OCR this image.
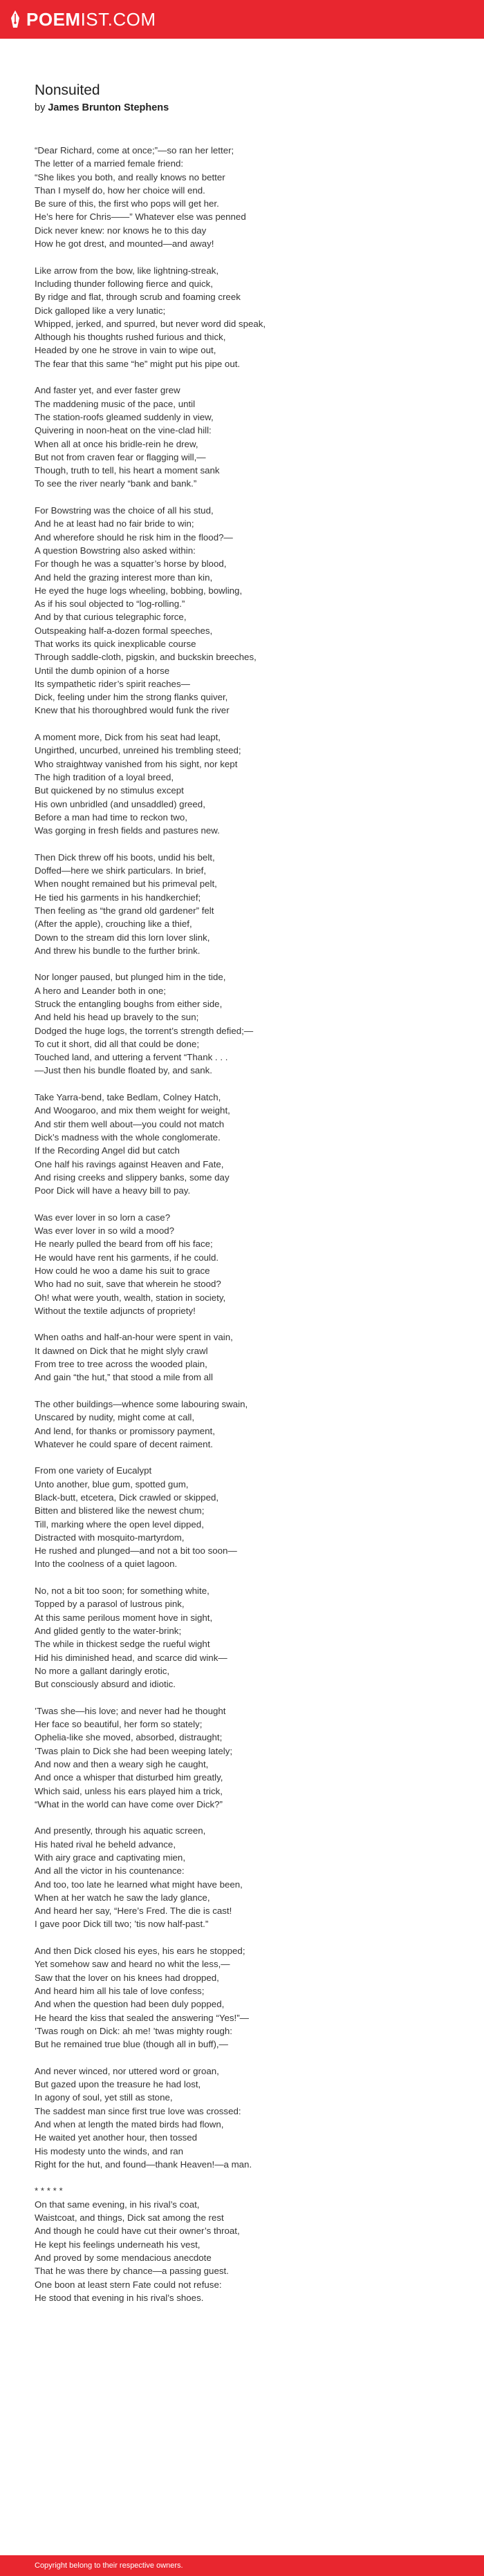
POEMIST.COM
Nonsuited
by James Brunton Stephens
“Dear Richard, come at once;”—so ran her letter;
The letter of a married female friend:
“She likes you both, and really knows no better
Than I myself do, how her choice will end.
Be sure of this, the first who pops will get her.
He’s here for Chris——” Whatever else was penned
Dick never knew: nor knows he to this day
How he got drest, and mounted—and away!
Like arrow from the bow, like lightning-streak,
Including thunder following fierce and quick,
By ridge and flat, through scrub and foaming creek
Dick galloped like a very lunatic;
Whipped, jerked, and spurred, but never word did speak,
Although his thoughts rushed furious and thick,
Headed by one he strove in vain to wipe out,
The fear that this same “he” might put his pipe out.
And faster yet, and ever faster grew
The maddening music of the pace, until
The station-roofs gleamed suddenly in view,
Quivering in noon-heat on the vine-clad hill:
When all at once his bridle-rein he drew,
But not from craven fear or flagging will,—
Though, truth to tell, his heart a moment sank
To see the river nearly “bank and bank.”
For Bowstring was the choice of all his stud,
And he at least had no fair bride to win;
And wherefore should he risk him in the flood?—
A question Bowstring also asked within:
For though he was a squatter’s horse by blood,
And held the grazing interest more than kin,
He eyed the huge logs wheeling, bobbing, bowling,
As if his soul objected to “log-rolling.”
And by that curious telegraphic force,
Outspeaking half-a-dozen formal speeches,
That works its quick inexplicable course
Through saddle-cloth, pigskin, and buckskin breeches,
Until the dumb opinion of a horse
Its sympathetic rider’s spirit reaches—
Dick, feeling under him the strong flanks quiver,
Knew that his thoroughbred would funk the river
A moment more, Dick from his seat had leapt,
Ungirthed, uncurbed, unreined his trembling steed;
Who straightway vanished from his sight, nor kept
The high tradition of a loyal breed,
But quickened by no stimulus except
His own unbridled (and unsaddled) greed,
Before a man had time to reckon two,
Was gorging in fresh fields and pastures new.
Then Dick threw off his boots, undid his belt,
Doffed—here we shirk particulars. In brief,
When nought remained but his primeval pelt,
He tied his garments in his handkerchief;
Then feeling as “the grand old gardener” felt
(After the apple), crouching like a thief,
Down to the stream did this lorn lover slink,
And threw his bundle to the further brink.
Nor longer paused, but plunged him in the tide,
A hero and Leander both in one;
Struck the entangling boughs from either side,
And held his head up bravely to the sun;
Dodged the huge logs, the torrent’s strength defied;—
To cut it short, did all that could be done;
Touched land, and uttering a fervent “Thank . . .
—Just then his bundle floated by, and sank.
Take Yarra-bend, take Bedlam, Colney Hatch,
And Woogaroo, and mix them weight for weight,
And stir them well about—you could not match
Dick’s madness with the whole conglomerate.
If the Recording Angel did but catch
One half his ravings against Heaven and Fate,
And rising creeks and slippery banks, some day
Poor Dick will have a heavy bill to pay.
Was ever lover in so lorn a case?
Was ever lover in so wild a mood?
He nearly pulled the beard from off his face;
He would have rent his garments, if he could.
How could he woo a dame his suit to grace
Who had no suit, save that wherein he stood?
Oh! what were youth, wealth, station in society,
Without the textile adjuncts of propriety!
When oaths and half-an-hour were spent in vain,
It dawned on Dick that he might slyly crawl
From tree to tree across the wooded plain,
And gain “the hut,” that stood a mile from all
The other buildings—whence some labouring swain,
Unscared by nudity, might come at call,
And lend, for thanks or promissory payment,
Whatever he could spare of decent raiment.
From one variety of Eucalypt
Unto another, blue gum, spotted gum,
Black-butt, etcetera, Dick crawled or skipped,
Bitten and blistered like the newest chum;
Till, marking where the open level dipped,
Distracted with mosquito-martyrdom,
He rushed and plunged—and not a bit too soon—
Into the coolness of a quiet lagoon.
No, not a bit too soon; for something white,
Topped by a parasol of lustrous pink,
At this same perilous moment hove in sight,
And glided gently to the water-brink;
The while in thickest sedge the rueful wight
Hid his diminished head, and scarce did wink—
No more a gallant daringly erotic,
But consciously absurd and idiotic.
’Twas she—his love; and never had he thought
Her face so beautiful, her form so stately;
Ophelia-like she moved, absorbed, distraught;
’Twas plain to Dick she had been weeping lately;
And now and then a weary sigh he caught,
And once a whisper that disturbed him greatly,
Which said, unless his ears played him a trick,
“What in the world can have come over Dick?”
And presently, through his aquatic screen,
His hated rival he beheld advance,
With airy grace and captivating mien,
And all the victor in his countenance:
And too, too late he learned what might have been,
When at her watch he saw the lady glance,
And heard her say, “Here’s Fred. The die is cast!
I gave poor Dick till two; ’tis now half-past.”
And then Dick closed his eyes, his ears he stopped;
Yet somehow saw and heard no whit the less,—
Saw that the lover on his knees had dropped,
And heard him all his tale of love confess;
And when the question had been duly popped,
He heard the kiss that sealed the answering “Yes!”—
’Twas rough on Dick: ah me! ’twas mighty rough:
But he remained true blue (though all in buff),—
And never winced, nor uttered word or groan,
But gazed upon the treasure he had lost,
In agony of soul, yet still as stone,
The saddest man since first true love was crossed:
And when at length the mated birds had flown,
He waited yet another hour, then tossed
His modesty unto the winds, and ran
Right for the hut, and found—thank Heaven!—a man.
* * * * *
On that same evening, in his rival’s coat,
Waistcoat, and things, Dick sat among the rest
And though he could have cut their owner’s throat,
He kept his feelings underneath his vest,
And proved by some mendacious anecdote
That he was there by chance—a passing guest.
One boon at least stern Fate could not refuse:
He stood that evening in his rival’s shoes.
Copyright belong to their respective owners.
